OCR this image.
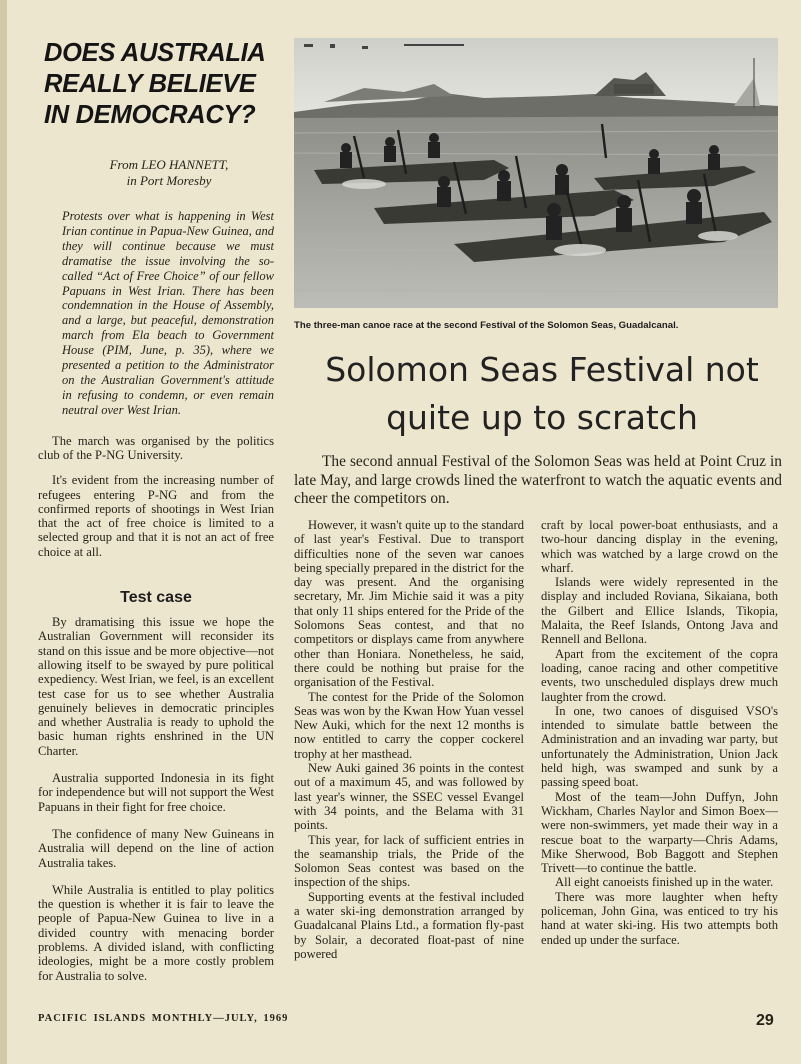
DOES AUSTRALIA
REALLY BELIEVE
IN DEMOCRACY?
From LEO HANNETT,
in Port Moresby

Protests over what is happening in West Irian continue in Papua-New Guinea, and they will continue because we must dramatise the issue involving the so-called “Act of Free Choice” of our fellow Papuans in West Irian. There has been condemnation in the House of Assembly, and a large, but peaceful, demonstration march from Ela beach to Government House (PIM, June, p. 35), where we presented a petition to the Administrator on the Australian Government's attitude in refusing to condemn, or even remain neutral over West Irian.

The march was organised by the politics club of the P-NG University.

It's evident from the increasing number of refugees entering P-NG and from the confirmed reports of shootings in West Irian that the act of free choice is limited to a selected group and that it is not an act of free choice at all.

Test case

By dramatising this issue we hope the Australian Government will reconsider its stand on this issue and be more objective—not allowing itself to be swayed by pure political expediency. West Irian, we feel, is an excellent test case for us to see whether Australia genuinely believes in democratic principles and whether Australia is ready to uphold the basic human rights enshrined in the UN Charter.

Australia supported Indonesia in its fight for independence but will not support the West Papuans in their fight for free choice.

The confidence of many New Guineans in Australia will depend on the line of action Australia takes.

While Australia is entitled to play politics the question is whether it is fair to leave the people of Papua-New Guinea to live in a divided country with menacing border problems. A divided island, with conflicting ideologies, might be a more costly problem for Australia to solve.

The three-man canoe race at the second Festival of the Solomon Seas, Guadalcanal.
Solomon Seas Festival not
quite up to scratch

The second annual Festival of the Solomon Seas was held at Point Cruz in late May, and large crowds lined the waterfront to watch the aquatic events and cheer the competitors on.

However, it wasn't quite up to the standard of last year's Festival. Due to transport difficulties none of the seven war canoes being specially prepared in the district for the day was present. And the organising secretary, Mr. Jim Michie said it was a pity that only 11 ships entered for the Pride of the Solomons Seas contest, and that no competitors or displays came from anywhere other than Honiara. Nonetheless, he said, there could be nothing but praise for the organisation of the Festival.

The contest for the Pride of the Solomon Seas was won by the Kwan How Yuan vessel New Auki, which for the next 12 months is now entitled to carry the copper cockerel trophy at her masthead.

New Auki gained 36 points in the contest out of a maximum 45, and was followed by last year's winner, the SSEC vessel Evangel with 34 points, and the Belama with 31 points.

This year, for lack of sufficient entries in the seamanship trials, the Pride of the Solomon Seas contest was based on the inspection of the ships.

Supporting events at the festival included a water ski-ing demonstration arranged by Guadalcanal Plains Ltd., a formation fly-past by Solair, a decorated float-past of nine powered

craft by local power-boat enthusiasts, and a two-hour dancing display in the evening, which was watched by a large crowd on the wharf.

Islands were widely represented in the display and included Roviana, Sikaiana, both the Gilbert and Ellice Islands, Tikopia, Malaita, the Reef Islands, Ontong Java and Rennell and Bellona.

Apart from the excitement of the copra loading, canoe racing and other competitive events, two unscheduled displays drew much laughter from the crowd.

In one, two canoes of disguised VSO's intended to simulate battle between the Administration and an invading war party, but unfortunately the Administration, Union Jack held high, was swamped and sunk by a passing speed boat.

Most of the team—John Duffyn, John Wickham, Charles Naylor and Simon Boex—were non-swimmers, yet made their way in a rescue boat to the warparty—Chris Adams, Mike Sherwood, Bob Baggott and Stephen Trivett—to continue the battle.

All eight canoeists finished up in the water.

There was more laughter when hefty policeman, John Gina, was enticed to try his hand at water ski-ing. His two attempts both ended up under the surface.

PACIFIC ISLANDS MONTHLY—JULY, 1969	29
